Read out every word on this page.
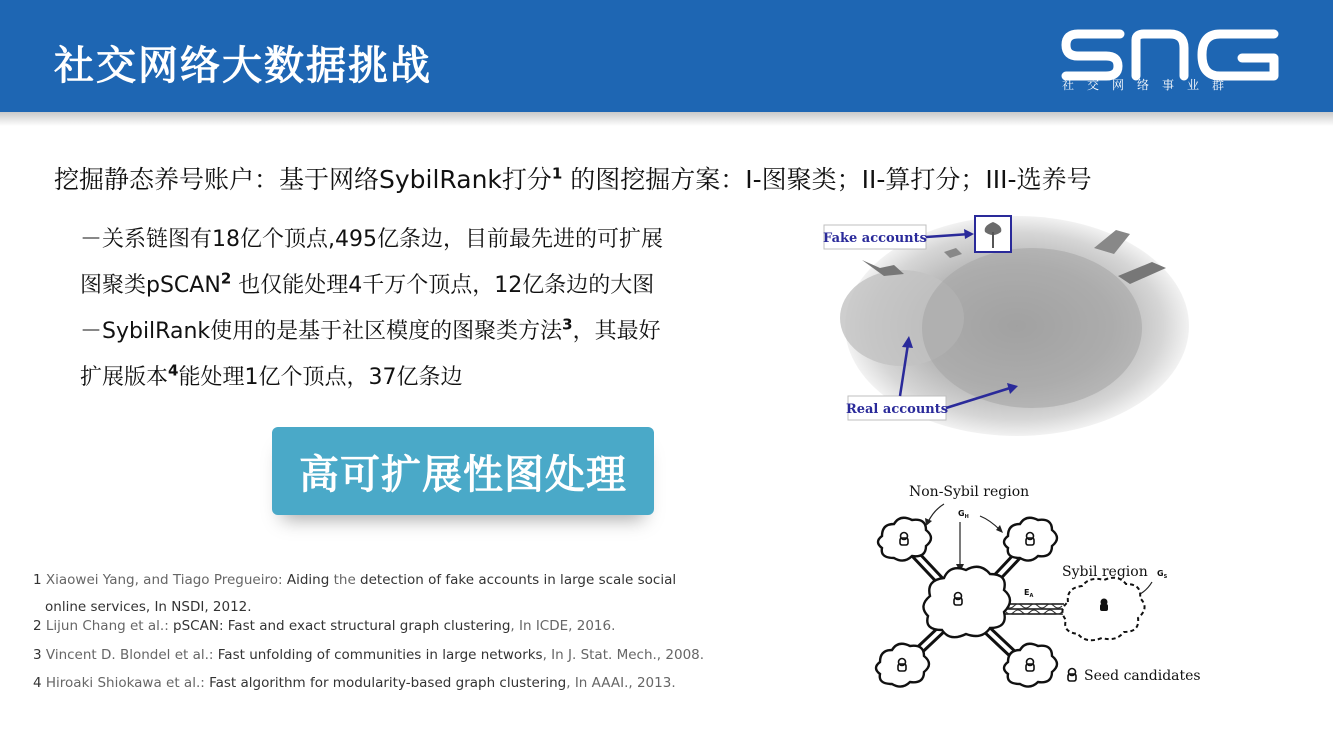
社交网络大数据挑战	社交网络事业群
挖掘静态养号账户：基于网络SybilRank打分$^1$ 的图挖掘方案：I-图聚类；II-算打分；III-选养号
－关系链图有18亿个顶点,495亿条边，目前最先进的可扩展
图聚类pSCAN$^2$ 也仅能处理4千万个顶点，12亿条边的大图
－SybilRank使用的是基于社区模度的图聚类方法$^3$，其最好
扩展版本$^4$能处理1亿个顶点，37亿条边
高可扩展性图处理
1 Xiaowei Yang, and Tiago Pregueiro: Aiding the detection of fake accounts in large scale social
online services, In NSDI, 2012.
2 Lijun Chang et al.: pSCAN: Fast and exact structural graph clustering, In ICDE, 2016.
3 Vincent D. Blondel et al.: Fast unfolding of communities in large networks, In J. Stat. Mech., 2008.
4 Hiroaki Shiokawa et al.: Fast algorithm for modularity-based graph clustering, In AAAI., 2013.
Fake accounts
Real accounts
Non-Sybil region
Sybil region
Seed candidates
$G_H$
$G_S$
$E_A$
